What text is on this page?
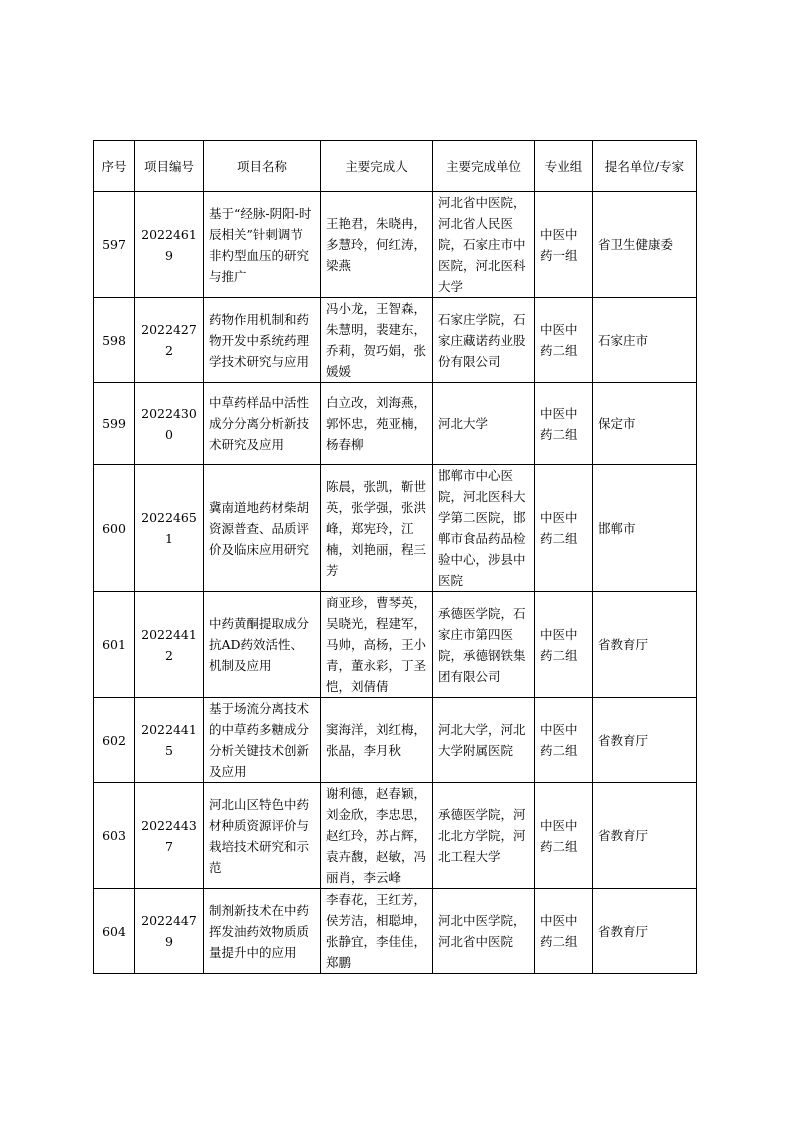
序号	项目编号	项目名称	主要完成人	主要完成单位	专业组	提名单位/专家
597	20224619	基于“经脉-阴阳-时辰相关”针刺调节非杓型血压的研究与推广	王艳君，朱晓冉，多慧玲，何红涛，梁燕	河北省中医院，河北省人民医院，石家庄市中医院，河北医科大学	中医中药一组	省卫生健康委
598	20224272	药物作用机制和药物开发中系统药理学技术研究与应用	冯小龙，王智森，朱慧明，裴建东，乔莉，贺巧娟，张媛媛	石家庄学院，石家庄藏诺药业股份有限公司	中医中药二组	石家庄市
599	20224300	中草药样品中活性成分分离分析新技术研究及应用	白立改，刘海燕，郭怀忠，苑亚楠，杨春柳	河北大学	中医中药二组	保定市
600	20224651	冀南道地药材柴胡资源普查、品质评价及临床应用研究	陈晨，张凯，靳世英，张学强，张洪峰，郑宪玲，江楠，刘艳丽，程三芳	邯郸市中心医院，河北医科大学第二医院，邯郸市食品药品检验中心，涉县中医院	中医中药二组	邯郸市
601	20224412	中药黄酮提取成分抗AD药效活性、机制及应用	商亚珍，曹琴英，吴晓光，程建军，马帅，高杨，王小青，董永彩，丁圣恺，刘倩倩	承德医学院，石家庄市第四医院，承德钢铁集团有限公司	中医中药二组	省教育厅
602	20224415	基于场流分离技术的中草药多糖成分分析关键技术创新及应用	窦海洋，刘红梅，张晶，李月秋	河北大学，河北大学附属医院	中医中药二组	省教育厅
603	20224437	河北山区特色中药材种质资源评价与栽培技术研究和示范	谢利德，赵春颖，刘金欣，李忠思，赵红玲，苏占辉，袁卉馥，赵敏，冯丽肖，李云峰	承德医学院，河北北方学院，河北工程大学	中医中药二组	省教育厅
604	20224479	制剂新技术在中药挥发油药效物质质量提升中的应用	李春花，王红芳，侯芳洁，相聪坤，张静宜，李佳佳，郑鹏	河北中医学院，河北省中医院	中医中药二组	省教育厅
